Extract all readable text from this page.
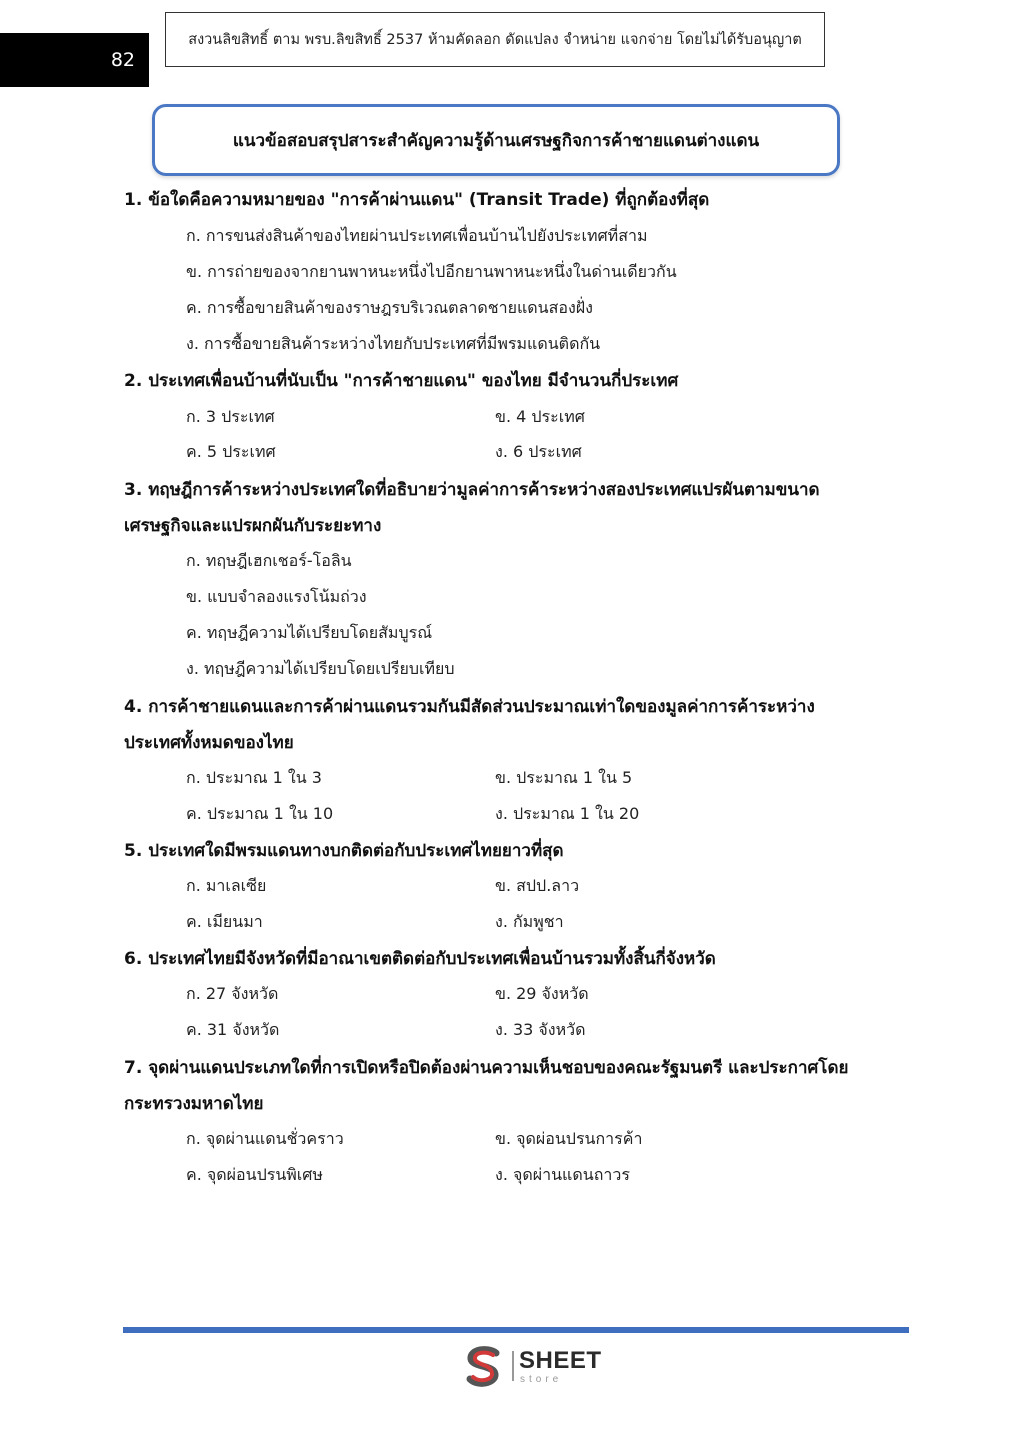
82
สงวนลิขสิทธิ์ ตาม พรบ.ลิขสิทธิ์ 2537 ห้ามคัดลอก ดัดแปลง จำหน่าย แจกจ่าย โดยไม่ได้รับอนุญาต
แนวข้อสอบสรุปสาระสำคัญความรู้ด้านเศรษฐกิจการค้าชายแดนต่างแดน
1. ข้อใดคือความหมายของ "การค้าผ่านแดน" (Transit Trade) ที่ถูกต้องที่สุด
ก. การขนส่งสินค้าของไทยผ่านประเทศเพื่อนบ้านไปยังประเทศที่สาม
ข. การถ่ายของจากยานพาหนะหนึ่งไปอีกยานพาหนะหนึ่งในด่านเดียวกัน
ค. การซื้อขายสินค้าของราษฎรบริเวณตลาดชายแดนสองฝั่ง
ง. การซื้อขายสินค้าระหว่างไทยกับประเทศที่มีพรมแดนติดกัน
2. ประเทศเพื่อนบ้านที่นับเป็น "การค้าชายแดน" ของไทย มีจำนวนกี่ประเทศ
ก. 3 ประเทศ	ข. 4 ประเทศ
ค. 5 ประเทศ	ง. 6 ประเทศ
3. ทฤษฎีการค้าระหว่างประเทศใดที่อธิบายว่ามูลค่าการค้าระหว่างสองประเทศแปรผันตามขนาด
เศรษฐกิจและแปรผกผันกับระยะทาง
ก. ทฤษฎีเฮกเชอร์-โอลิน
ข. แบบจำลองแรงโน้มถ่วง
ค. ทฤษฎีความได้เปรียบโดยสัมบูรณ์
ง. ทฤษฎีความได้เปรียบโดยเปรียบเทียบ
4. การค้าชายแดนและการค้าผ่านแดนรวมกันมีสัดส่วนประมาณเท่าใดของมูลค่าการค้าระหว่าง
ประเทศทั้งหมดของไทย
ก. ประมาณ 1 ใน 3	ข. ประมาณ 1 ใน 5
ค. ประมาณ 1 ใน 10	ง. ประมาณ 1 ใน 20
5. ประเทศใดมีพรมแดนทางบกติดต่อกับประเทศไทยยาวที่สุด
ก. มาเลเซีย	ข. สปป.ลาว
ค. เมียนมา	ง. กัมพูชา
6. ประเทศไทยมีจังหวัดที่มีอาณาเขตติดต่อกับประเทศเพื่อนบ้านรวมทั้งสิ้นกี่จังหวัด
ก. 27 จังหวัด	ข. 29 จังหวัด
ค. 31 จังหวัด	ง. 33 จังหวัด
7. จุดผ่านแดนประเภทใดที่การเปิดหรือปิดต้องผ่านความเห็นชอบของคณะรัฐมนตรี และประกาศโดย
กระทรวงมหาดไทย
ก. จุดผ่านแดนชั่วคราว	ข. จุดผ่อนปรนการค้า
ค. จุดผ่อนปรนพิเศษ	ง. จุดผ่านแดนถาวร
SHEET
store
